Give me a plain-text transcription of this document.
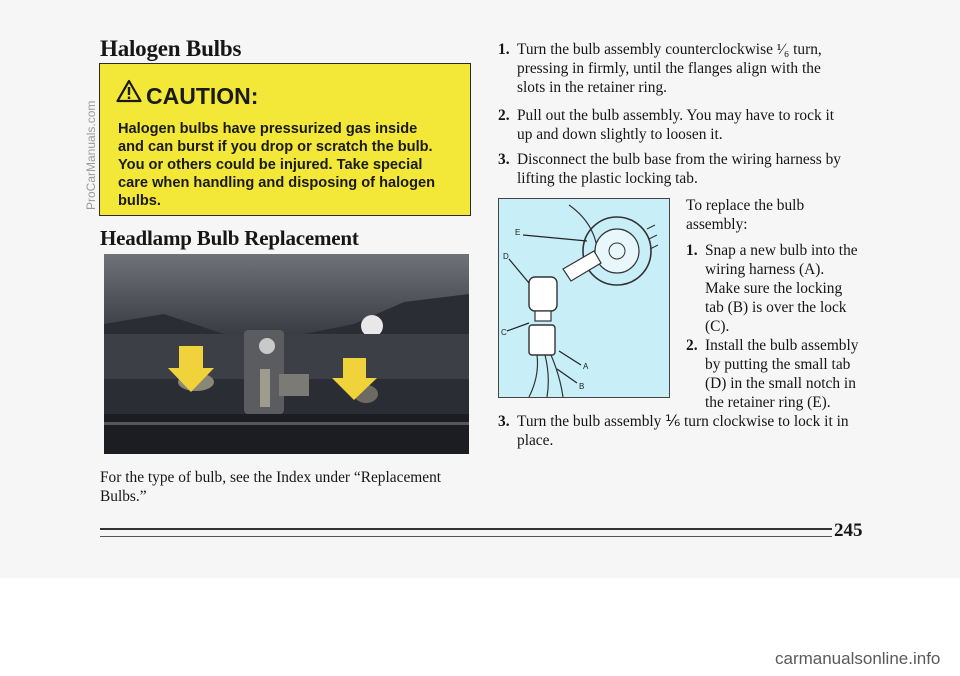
Halogen Bulbs
CAUTION:
Halogen bulbs have pressurized gas inside
and can burst if you drop or scratch the bulb.
You or others could be injured. Take special
care when handling and disposing of halogen
bulbs.
Headlamp Bulb Replacement
For the type of bulb, see the Index under “Replacement
Bulbs.”
1. Turn the bulb assembly counterclockwise ¹⁄₆ turn,
pressing in firmly, until the flanges align with the
slots in the retainer ring.
2. Pull out the bulb assembly. You may have to rock it
up and down slightly to loosen it.
3. Disconnect the bulb base from the wiring harness by
lifting the plastic locking tab.
E
D
C
A
B
To replace the bulb
assembly:
1. Snap a new bulb into the
wiring harness (A).
Make sure the locking
tab (B) is over the lock
(C).
2. Install the bulb assembly
by putting the small tab
(D) in the small notch in
the retainer ring (E).
3. Turn the bulb assembly ⅙ turn clockwise to lock it in
place.
245
ProCarManuals.com
carmanualsonline.info
